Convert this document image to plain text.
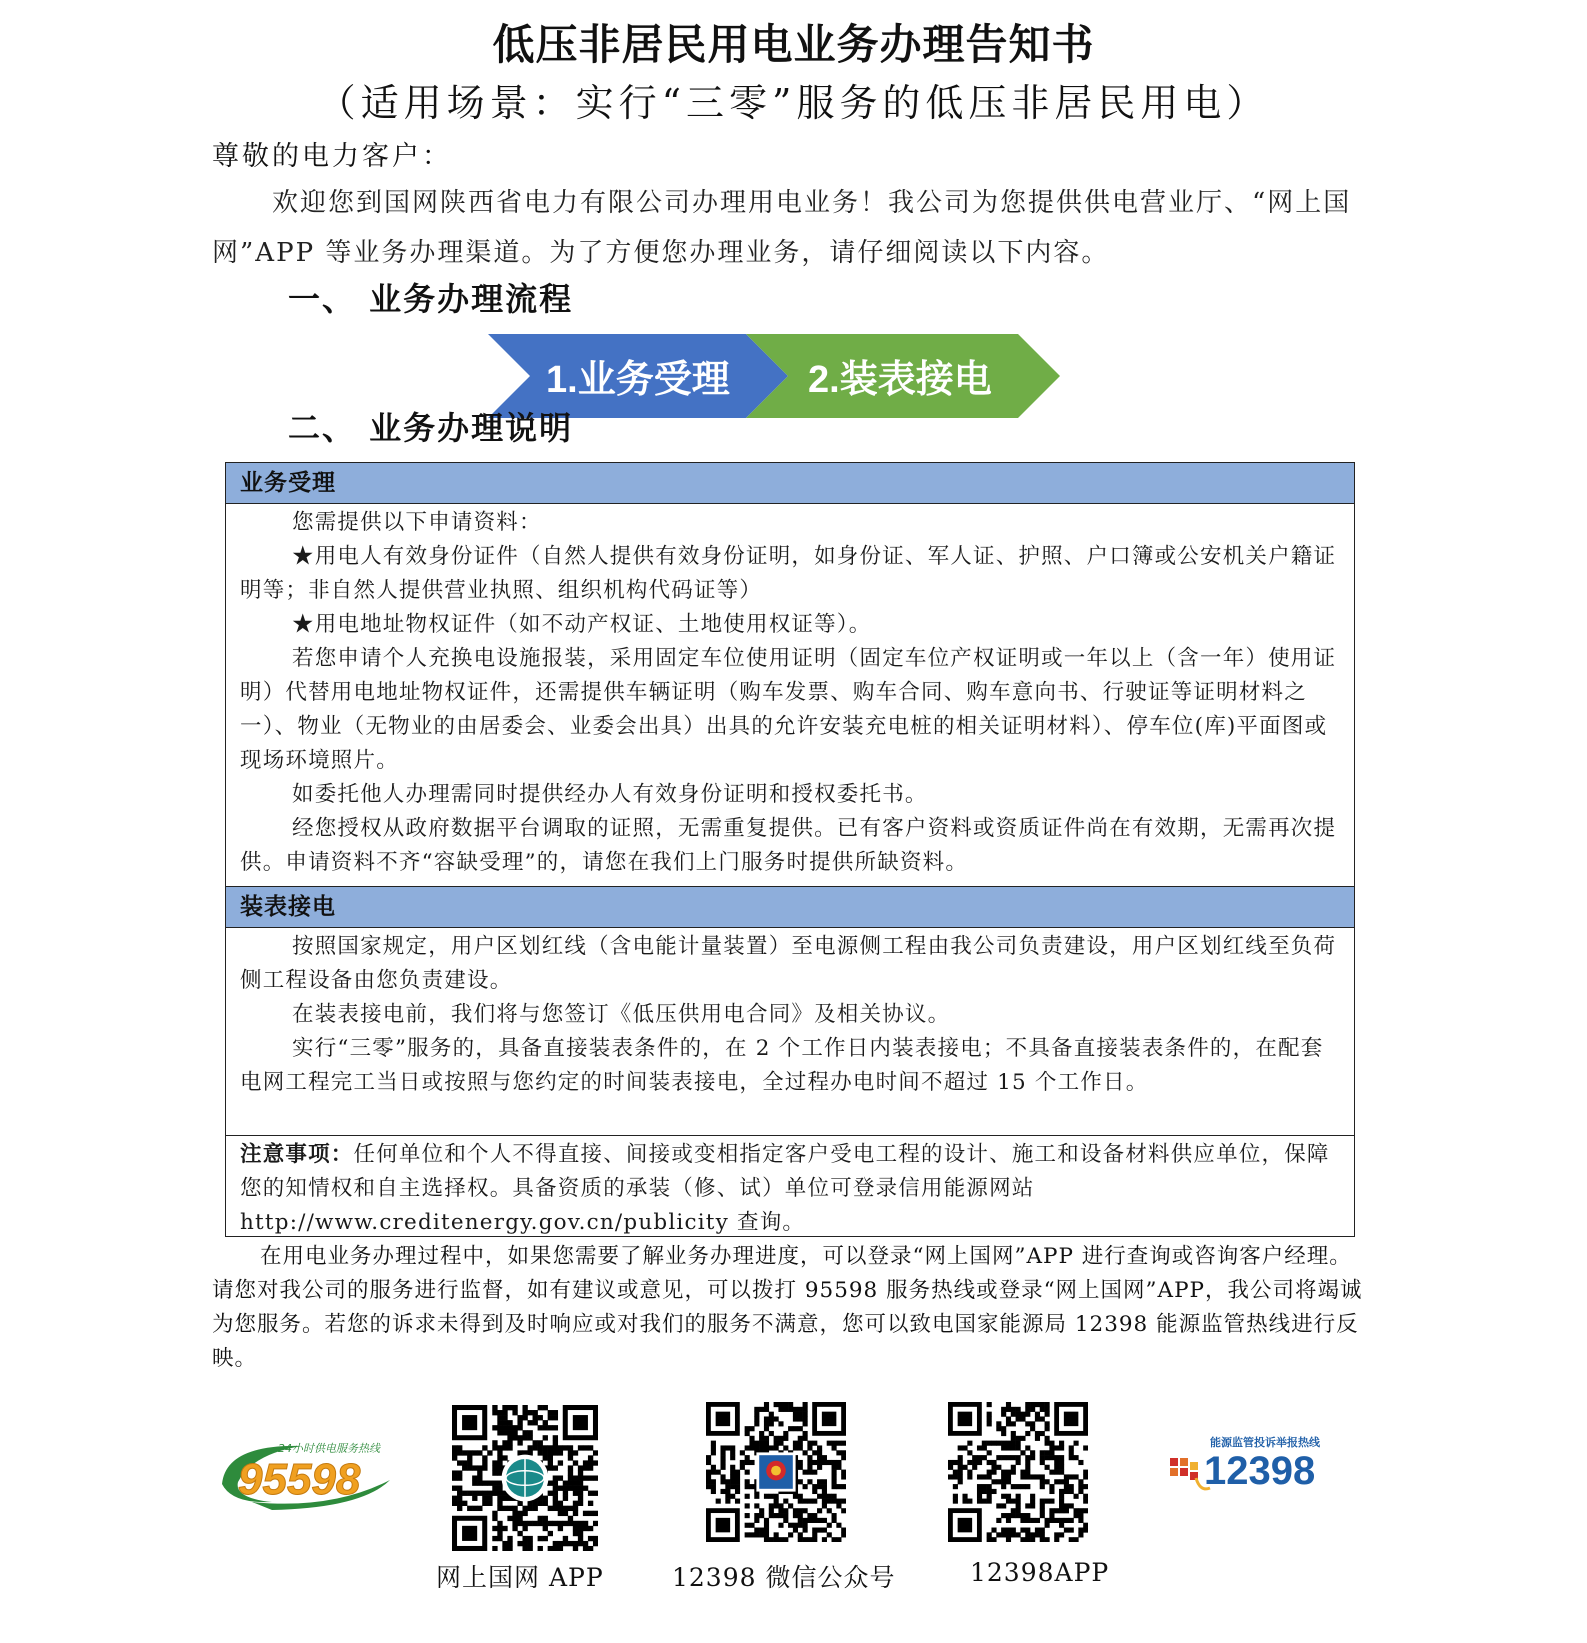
低压非居民用电业务办理告知书
（适用场景：实行“三零”服务的低压非居民用电）
尊敬的电力客户：
欢迎您到国网陕西省电力有限公司办理用电业务！我公司为您提供供电营业厅、“网上国网”APP 等业务办理渠道。为了方便您办理业务，请仔细阅读以下内容。
一、 业务办理流程
1.业务受理 2.装表接电
二、 业务办理说明
业务受理

您需提供以下申请资料：

★用电人有效身份证件（自然人提供有效身份证明，如身份证、军人证、护照、户口簿或公安机关户籍证明等；非自然人提供营业执照、组织机构代码证等）

★用电地址物权证件（如不动产权证、土地使用权证等）。

若您申请个人充换电设施报装，采用固定车位使用证明（固定车位产权证明或一年以上（含一年）使用证明）代替用电地址物权证件，还需提供车辆证明（购车发票、购车合同、购车意向书、行驶证等证明材料之一）、物业（无物业的由居委会、业委会出具）出具的允许安装充电桩的相关证明材料）、停车位(库)平面图或现场环境照片。

如委托他人办理需同时提供经办人有效身份证明和授权委托书。

经您授权从政府数据平台调取的证照，无需重复提供。已有客户资料或资质证件尚在有效期，无需再次提供。申请资料不齐“容缺受理”的，请您在我们上门服务时提供所缺资料。

装表接电

按照国家规定，用户区划红线（含电能计量装置）至电源侧工程由我公司负责建设，用户区划红线至负荷侧工程设备由您负责建设。

在装表接电前，我们将与您签订《低压供用电合同》及相关协议。

实行“三零”服务的，具备直接装表条件的，在 2 个工作日内装表接电；不具备直接装表条件的，在配套电网工程完工当日或按照与您约定的时间装表接电，全过程办电时间不超过 15 个工作日。

注意事项：任何单位和个人不得直接、间接或变相指定客户受电工程的设计、施工和设备材料供应单位，保障您的知情权和自主选择权。具备资质的承装（修、试）单位可登录信用能源网站 http://www.creditenergy.gov.cn/publicity 查询。

在用电业务办理过程中，如果您需要了解业务办理进度，可以登录“网上国网”APP 进行查询或咨询客户经理。请您对我公司的服务进行监督，如有建议或意见，可以拨打 95598 服务热线或登录“网上国网”APP，我公司将竭诚为您服务。若您的诉求未得到及时响应或对我们的服务不满意，您可以致电国家能源局 12398 能源监管热线进行反映。
95598
24小时供电服务热线
网上国网 APP	12398 微信公众号	12398APP
能源监管投诉举报热线
12398
